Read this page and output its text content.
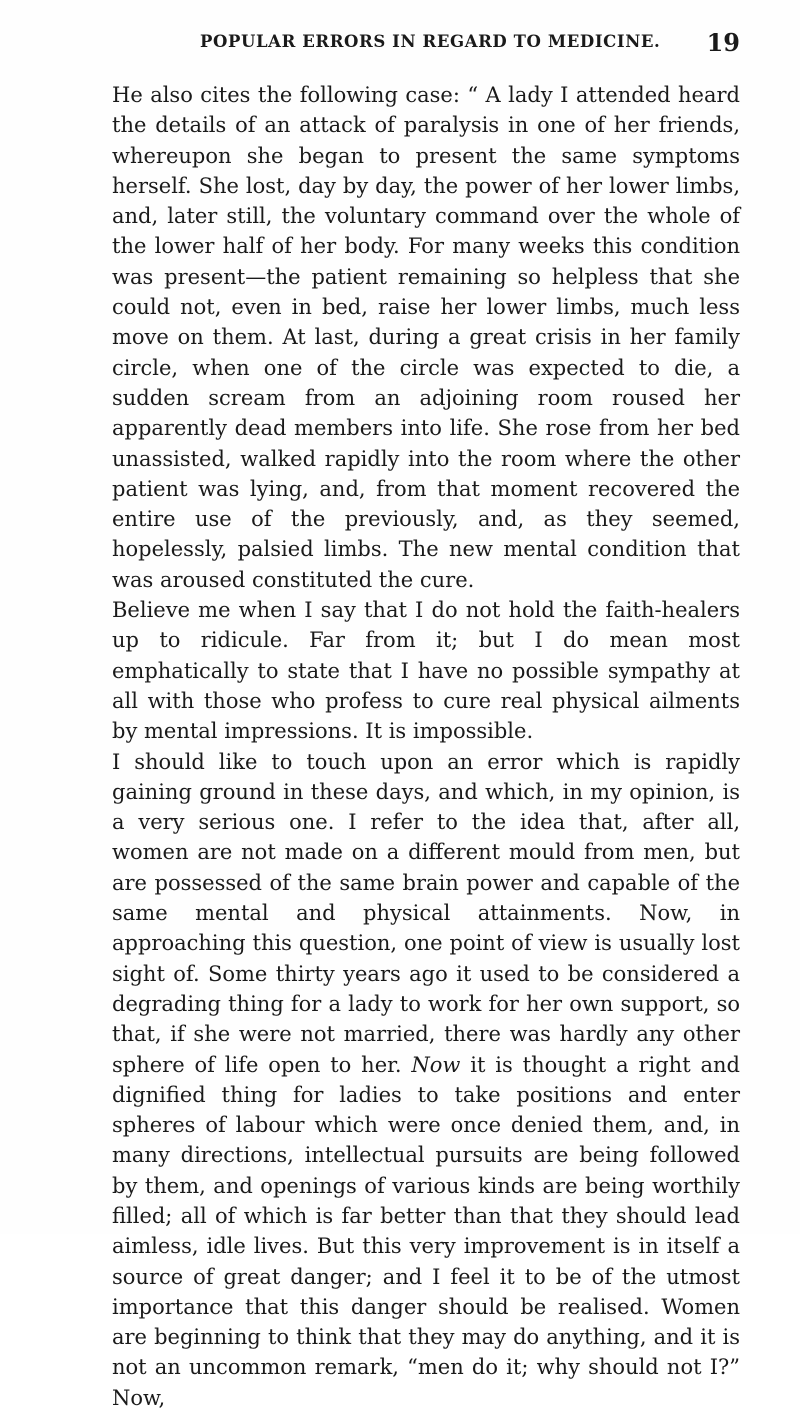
POPULAR ERRORS IN REGARD TO MEDICINE. 19

He also cites the following case: “ A lady I attended heard the details of an attack of paralysis in one of her friends, whereupon she began to present the same symptoms herself. She lost, day by day, the power of her lower limbs, and, later still, the voluntary command over the whole of the lower half of her body. For many weeks this condition was present—the patient remaining so helpless that she could not, even in bed, raise her lower limbs, much less move on them. At last, during a great crisis in her family circle, when one of the circle was expected to die, a sudden scream from an adjoining room roused her apparently dead members into life. She rose from her bed unassisted, walked rapidly into the room where the other patient was lying, and, from that moment recovered the entire use of the previously, and, as they seemed, hopelessly, palsied limbs. The new mental condition that was aroused constituted the cure.

Believe me when I say that I do not hold the faith-healers up to ridicule. Far from it; but I do mean most emphatically to state that I have no possible sympathy at all with those who profess to cure real physical ailments by mental impressions. It is impossible.

I should like to touch upon an error which is rapidly gaining ground in these days, and which, in my opinion, is a very serious one. I refer to the idea that, after all, women are not made on a different mould from men, but are possessed of the same brain power and capable of the same mental and physical attainments. Now, in approaching this question, one point of view is usually lost sight of. Some thirty years ago it used to be considered a degrading thing for a lady to work for her own support, so that, if she were not married, there was hardly any other sphere of life open to her. Now it is thought a right and dignified thing for ladies to take positions and enter spheres of labour which were once denied them, and, in many directions, intellectual pursuits are being followed by them, and openings of various kinds are being worthily filled; all of which is far better than that they should lead aimless, idle lives. But this very improvement is in itself a source of great danger; and I feel it to be of the utmost importance that this danger should be realised. Women are beginning to think that they may do anything, and it is not an uncommon remark, “men do it; why should not I?” Now,
